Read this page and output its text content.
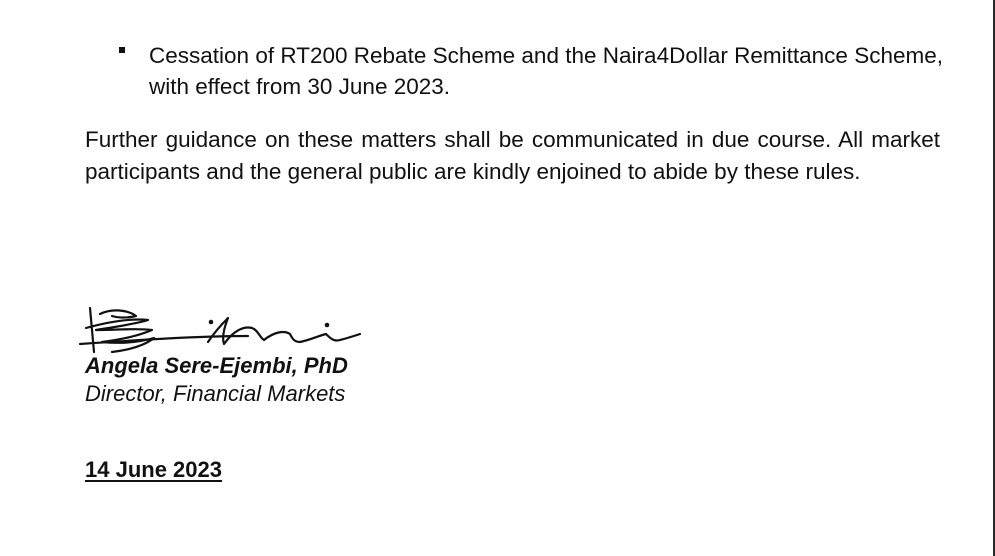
Cessation of RT200 Rebate Scheme and the Naira4Dollar Remittance Scheme, with effect from 30 June 2023.
Further guidance on these matters shall be communicated in due course. All market participants and the general public are kindly enjoined to abide by these rules.
Angela Sere-Ejembi, PhD
Director, Financial Markets
14 June 2023
